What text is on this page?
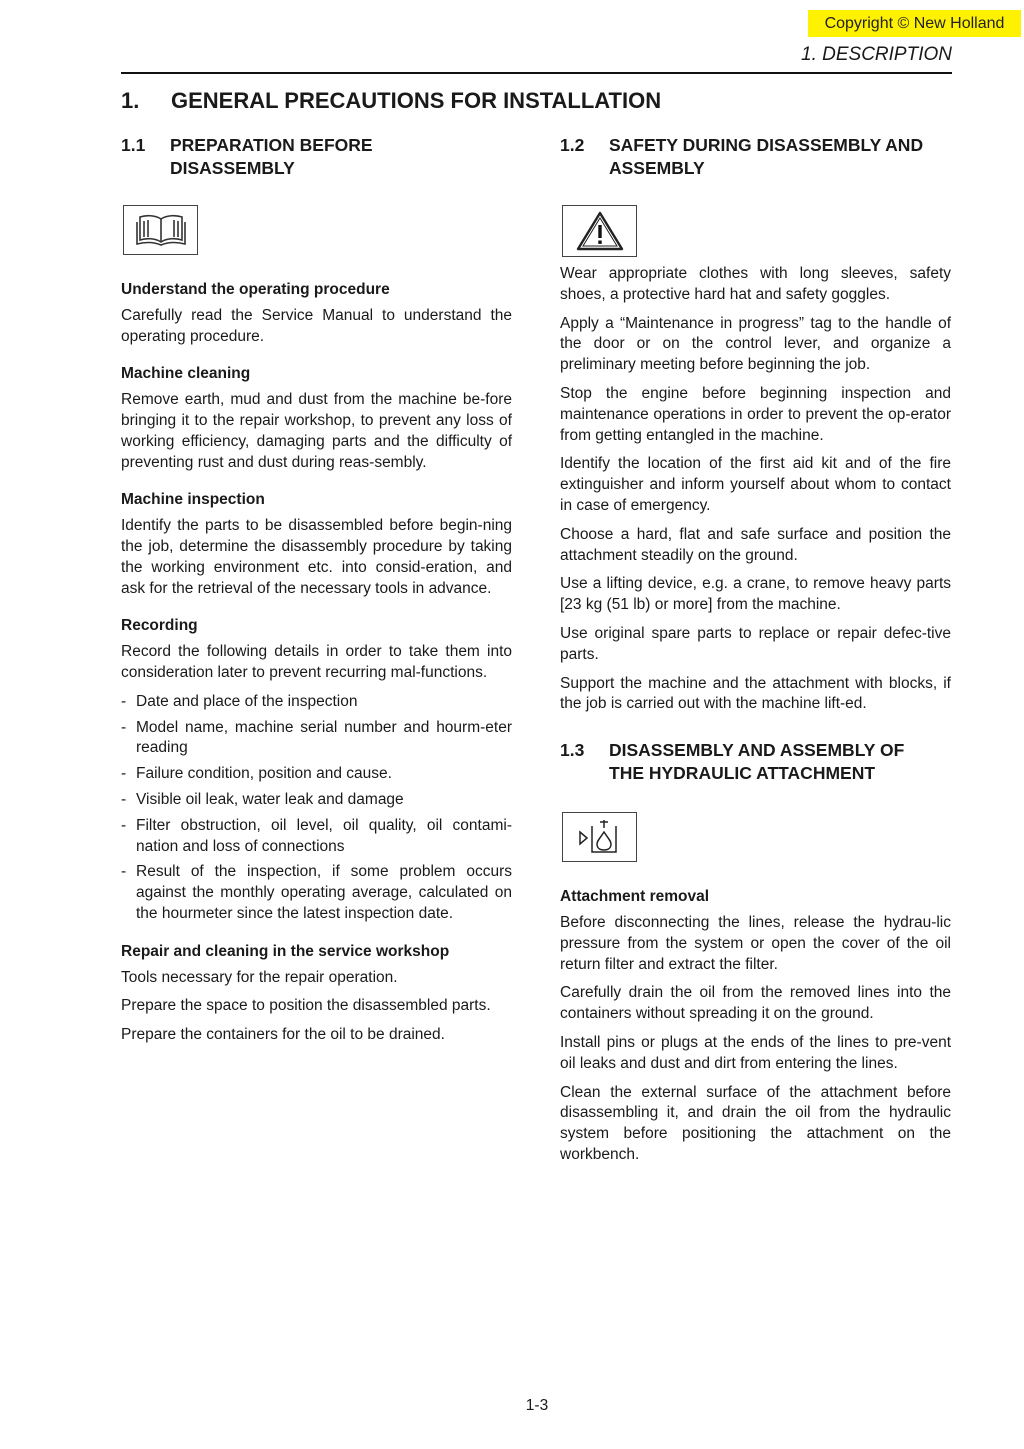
Copyright © New Holland
1. DESCRIPTION
1.	GENERAL PRECAUTIONS FOR INSTALLATION
1.1	PREPARATION BEFORE
DISASSEMBLY
Understand the operating procedure

Carefully read the Service Manual to understand the operating procedure.

Machine cleaning

Remove earth, mud and dust from the machine be-fore bringing it to the repair workshop, to prevent any loss of working efficiency, damaging parts and the difficulty of preventing rust and dust during reas-sembly.

Machine inspection

Identify the parts to be disassembled before begin-ning the job, determine the disassembly procedure by taking the working environment etc. into consid-eration, and ask for the retrieval of the necessary tools in advance.

Recording

Record the following details in order to take them into consideration later to prevent recurring mal-functions.

- Date and place of the inspection
- Model name, machine serial number and hourm-eter reading
- Failure condition, position and cause.
- Visible oil leak, water leak and damage
- Filter obstruction, oil level, oil quality, oil contami-nation and loss of connections
- Result of the inspection, if some problem occurs against the monthly operating average, calculated on the hourmeter since the latest inspection date.
Repair and cleaning in the service workshop

Tools necessary for the repair operation.

Prepare the space to position the disassembled parts.

Prepare the containers for the oil to be drained.

1.2	SAFETY DURING DISASSEMBLY AND
ASSEMBLY

Wear appropriate clothes with long sleeves, safety shoes, a protective hard hat and safety goggles.

Apply a “Maintenance in progress” tag to the handle of the door or on the control lever, and organize a preliminary meeting before beginning the job.

Stop the engine before beginning inspection and maintenance operations in order to prevent the op-erator from getting entangled in the machine.

Identify the location of the first aid kit and of the fire extinguisher and inform yourself about whom to contact in case of emergency.

Choose a hard, flat and safe surface and position the attachment steadily on the ground.

Use a lifting device, e.g. a crane, to remove heavy parts [23 kg (51 lb) or more] from the machine.

Use original spare parts to replace or repair defec-tive parts.

Support the machine and the attachment with blocks, if the job is carried out with the machine lift-ed.

1.3	DISASSEMBLY AND ASSEMBLY OF
THE HYDRAULIC ATTACHMENT
Attachment removal

Before disconnecting the lines, release the hydrau-lic pressure from the system or open the cover of the oil return filter and extract the filter.

Carefully drain the oil from the removed lines into the containers without spreading it on the ground.

Install pins or plugs at the ends of the lines to pre-vent oil leaks and dust and dirt from entering the lines.

Clean the external surface of the attachment before disassembling it, and drain the oil from the hydraulic system before positioning the attachment on the workbench.

1-3
